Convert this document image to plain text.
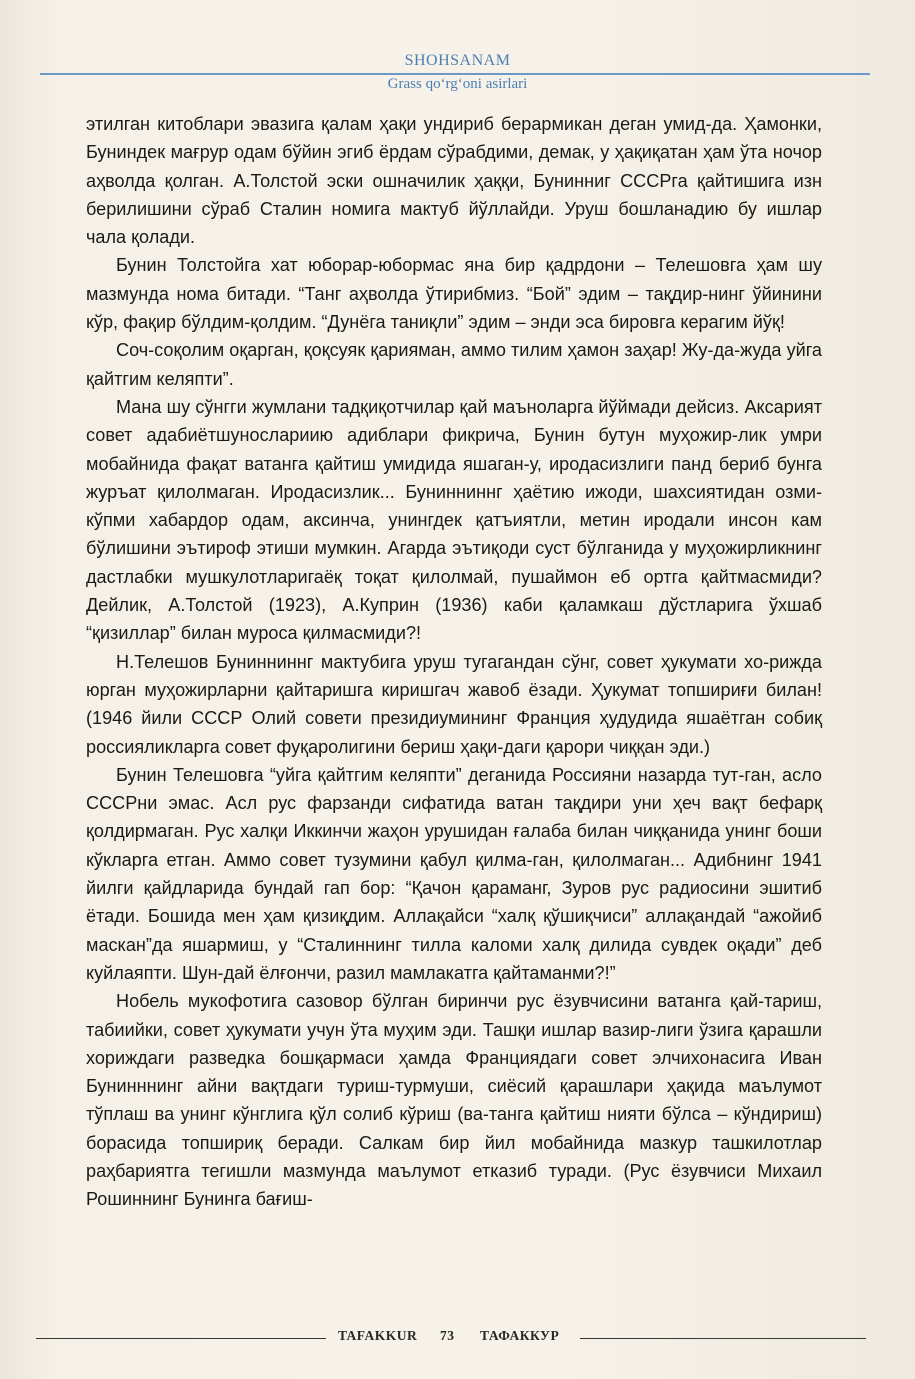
SHOHSANAM
Grass qo‘rg‘oni asirlari

этилган китоблари эвазига қалам ҳақи ундириб берармикан деган умид-да. Ҳамонки, Буниндек мағрур одам бўйин эгиб ёрдам сўрабдими, демак, у ҳақиқатан ҳам ўта ночор аҳволда қолган. А.Толстой эски ошначилик ҳаққи, Бунинниг СССРга қайтишига изн берилишини сўраб Сталин номига мактуб йўллайди. Уруш бошланадию бу ишлар чала қолади.

Бунин Толстойга хат юборар-юбормас яна бир қадрдони – Телешовга ҳам шу мазмунда нома битади. “Танг аҳволда ўтирибмиз. “Бой” эдим – тақдир-нинг ўйинини кўр, фақир бўлдим-қолдим. “Дунёга таниқли” эдим – энди эса бировга керагим йўқ!

Соч-соқолим оқарган, қоқсуяк қарияман, аммо тилим ҳамон заҳар! Жу-да-жуда уйга қайтгим келяпти”.

Мана шу сўнгги жумлани тадқиқотчилар қай маъноларга йўймади дейсиз. Аксарият совет адабиётшунослариию адиблари фикрича, Бунин бутун муҳожир-лик умри мобайнида фақат ватанга қайтиш умидида яшаган-у, иродасизлиги панд бериб бунга журъат қилолмаган. Иродасизлик... Бунинниннг ҳаётию ижоди, шахсиятидан озми-кўпми хабардор одам, аксинча, унингдек қатъиятли, метин иродали инсон кам бўлишини эътироф этиши мумкин. Агарда эътиқоди суст бўлганида у муҳожирликнинг дастлабки мушкулотларигаёқ тоқат қилолмай, пушаймон еб ортга қайтмасмиди? Дейлик, А.Толстой (1923), А.Куприн (1936) каби қаламкаш дўстларига ўхшаб “қизиллар” билан муроса қилмасмиди?!

Н.Телешов Бунинниннг мактубига уруш тугагандан сўнг, совет ҳукумати хо-рижда юрган муҳожирларни қайтаришга киришгач жавоб ёзади. Ҳукумат топшириғи билан! (1946 йили СССР Олий совети президиумининг Франция ҳудудида яшаётган собиқ россияликларга совет фуқаролигини бериш ҳақи-даги қарори чиққан эди.)

Бунин Телешовга “уйга қайтгим келяпти” деганида Россияни назарда тут-ган, асло СССРни эмас. Асл рус фарзанди сифатида ватан тақдири уни ҳеч вақт бефарқ қолдирмаган. Рус халқи Иккинчи жаҳон урушидан ғалаба билан чиққанида унинг боши кўкларга етган. Аммо совет тузумини қабул қилма-ган, қилолмаган... Адибнинг 1941 йилги қайдларида бундай гап бор: “Қачон қараманг, Зуров рус радиосини эшитиб ётади. Бошида мен ҳам қизиқдим. Аллақайси “халқ қўшиқчиси” аллақандай “ажойиб маскан”да яшармиш, у “Сталиннинг тилла каломи халқ дилида сувдек оқади” деб куйлаяпти. Шун-дай ёлғончи, разил мамлакатга қайтаманми?!”

Нобель мукофотига сазовор бўлган биринчи рус ёзувчисини ватанга қай-тариш, табиийки, совет ҳукумати учун ўта муҳим эди. Ташқи ишлар вазир-лиги ўзига қарашли хориждаги разведка бошқармаси ҳамда Франциядаги совет элчихонасига Иван Бунинннинг айни вақтдаги туриш-турмуши, сиёсий қарашлари ҳақида маълумот тўплаш ва унинг кўнглига қўл солиб кўриш (ва-танга қайтиш нияти бўлса – кўндириш) борасида топшириқ беради. Салкам бир йил мобайнида мазкур ташкилотлар раҳбариятга тегишли мазмунда маълумот етказиб туради. (Рус ёзувчиси Михаил Рошиннинг Бунинга бағиш-

TAFAKKUR 73 ТАФАККУР
